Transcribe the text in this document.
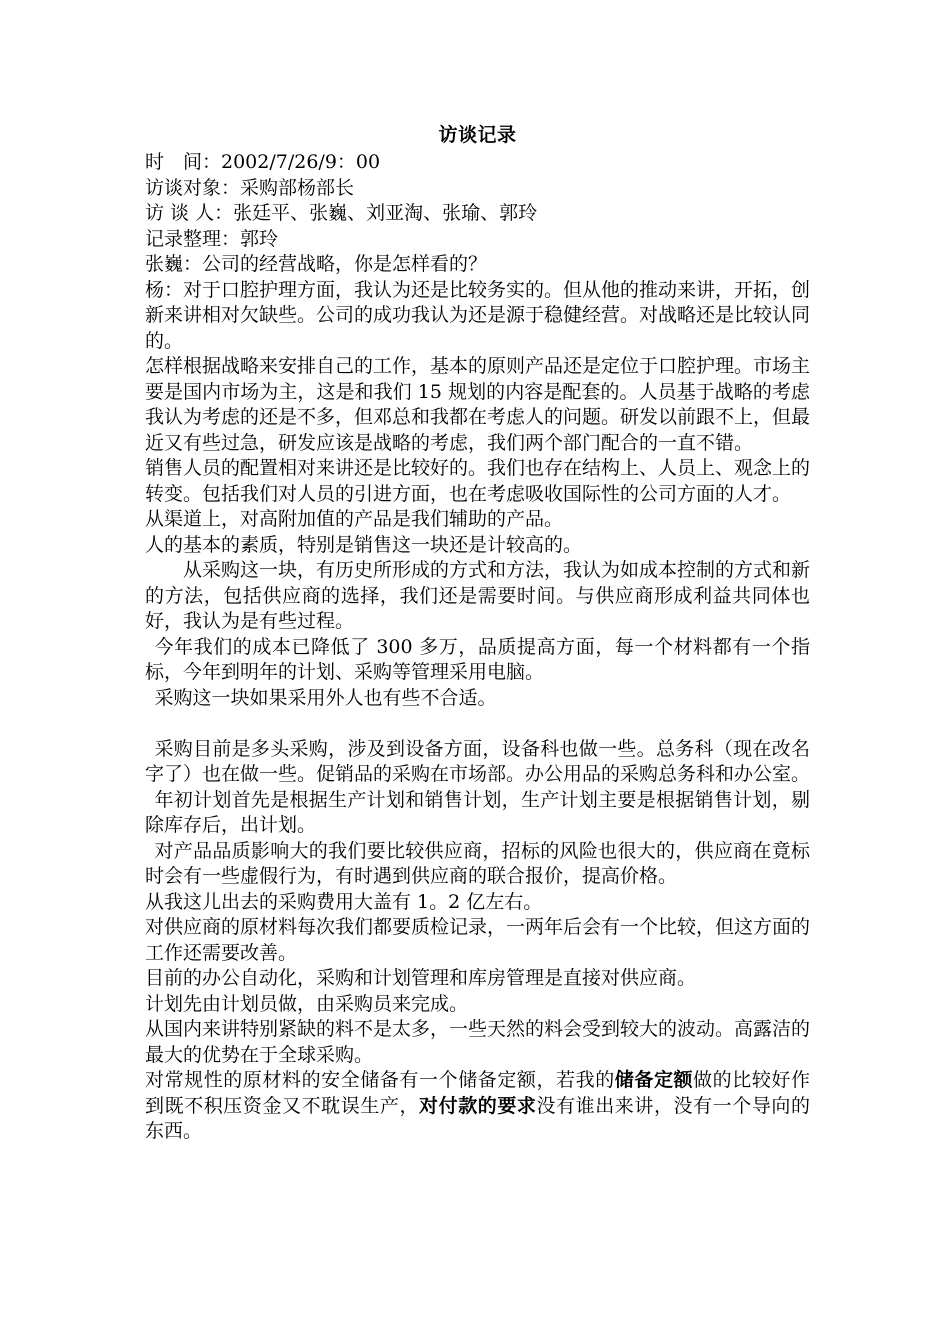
访谈记录

时　间：2002/7/26/9：00

访谈对象：采购部杨部长

访 谈 人：张廷平、张巍、刘亚淘、张瑜、郭玲

记录整理：郭玲

张巍：公司的经营战略，你是怎样看的？

杨：对于口腔护理方面，我认为还是比较务实的。但从他的推动来讲，开拓，创新来讲相对欠缺些。公司的成功我认为还是源于稳健经营。对战略还是比较认同的。

怎样根据战略来安排自己的工作，基本的原则产品还是定位于口腔护理。市场主要是国内市场为主，这是和我们 15 规划的内容是配套的。人员基于战略的考虑我认为考虑的还是不多，但邓总和我都在考虑人的问题。研发以前跟不上，但最近又有些过急，研发应该是战略的考虑，我们两个部门配合的一直不错。

销售人员的配置相对来讲还是比较好的。我们也存在结构上、人员上、观念上的转变。包括我们对人员的引进方面，也在考虑吸收国际性的公司方面的人才。

从渠道上，对高附加值的产品是我们辅助的产品。

人的基本的素质，特别是销售这一块还是计较高的。

从采购这一块，有历史所形成的方式和方法，我认为如成本控制的方式和新的方法，包括供应商的选择，我们还是需要时间。与供应商形成利益共同体也好，我认为是有些过程。

今年我们的成本已降低了 300 多万，品质提高方面，每一个材料都有一个指标，今年到明年的计划、采购等管理采用电脑。

采购这一块如果采用外人也有些不合适。

采购目前是多头采购，涉及到设备方面，设备科也做一些。总务科（现在改名字了）也在做一些。促销品的采购在市场部。办公用品的采购总务科和办公室。

年初计划首先是根据生产计划和销售计划，生产计划主要是根据销售计划，剔除库存后，出计划。

对产品品质影响大的我们要比较供应商，招标的风险也很大的，供应商在竟标时会有一些虚假行为，有时遇到供应商的联合报价，提高价格。

从我这儿出去的采购费用大盖有 1。2 亿左右。

对供应商的原材料每次我们都要质检记录，一两年后会有一个比较，但这方面的工作还需要改善。

目前的办公自动化，采购和计划管理和库房管理是直接对供应商。

计划先由计划员做，由采购员来完成。

从国内来讲特别紧缺的料不是太多，一些天然的料会受到较大的波动。高露洁的最大的优势在于全球采购。

对常规性的原材料的安全储备有一个储备定额，若我的储备定额做的比较好作到既不积压资金又不耽误生产，对付款的要求没有谁出来讲，没有一个导向的东西。
